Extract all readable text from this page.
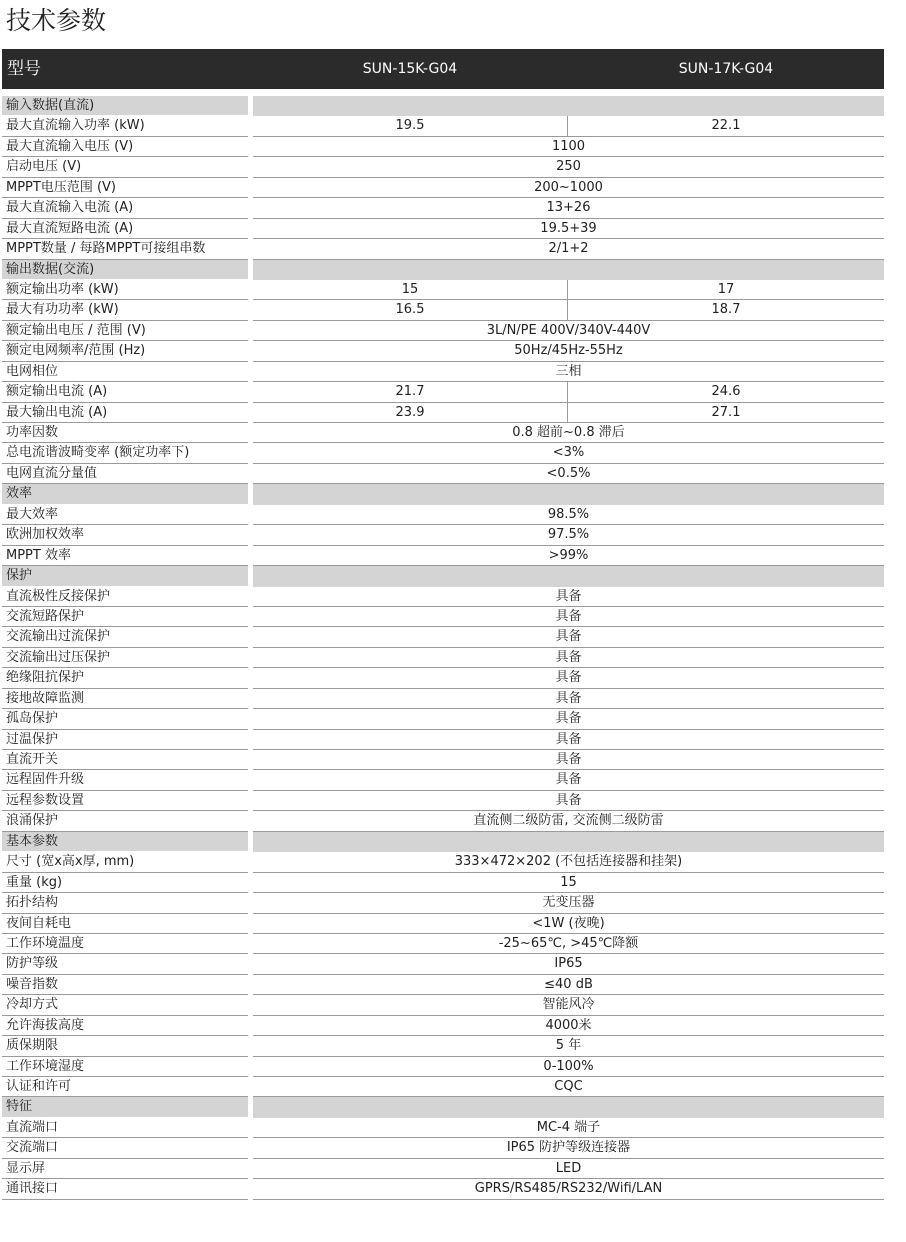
技术参数
型号	SUN-15K-G04	SUN-17K-G04
输入数据(直流)
最大直流输入功率 (kW)	19.5	22.1
最大直流输入电压 (V)	1100
启动电压 (V)	250
MPPT电压范围 (V)	200~1000
最大直流输入电流 (A)	13+26
最大直流短路电流 (A)	19.5+39
MPPT数量 / 每路MPPT可接组串数	2/1+2
输出数据(交流)
额定输出功率 (kW)	15	17
最大有功功率 (kW)	16.5	18.7
额定输出电压 / 范围 (V)	3L/N/PE 400V/340V-440V
额定电网频率/范围 (Hz)	50Hz/45Hz-55Hz
电网相位	三相
额定输出电流 (A)	21.7	24.6
最大输出电流 (A)	23.9	27.1
功率因数	0.8 超前~0.8 滞后
总电流谐波畸变率 (额定功率下)	<3%
电网直流分量值	<0.5%
效率
最大效率	98.5%
欧洲加权效率	97.5%
MPPT 效率	>99%
保护
直流极性反接保护	具备
交流短路保护	具备
交流输出过流保护	具备
交流输出过压保护	具备
绝缘阻抗保护	具备
接地故障监测	具备
孤岛保护	具备
过温保护	具备
直流开关	具备
远程固件升级	具备
远程参数设置	具备
浪涌保护	直流侧二级防雷, 交流侧二级防雷
基本参数
尺寸 (宽x高x厚, mm)	333×472×202 (不包括连接器和挂架)
重量 (kg)	15
拓扑结构	无变压器
夜间自耗电	<1W (夜晚)
工作环境温度	-25~65℃, >45℃降额
防护等级	IP65
噪音指数	≤40 dB
冷却方式	智能风冷
允许海拔高度	4000米
质保期限	5 年
工作环境湿度	0-100%
认证和许可	CQC
特征
直流端口	MC-4 端子
交流端口	IP65 防护等级连接器
显示屏	LED
通讯接口	GPRS/RS485/RS232/Wifi/LAN
